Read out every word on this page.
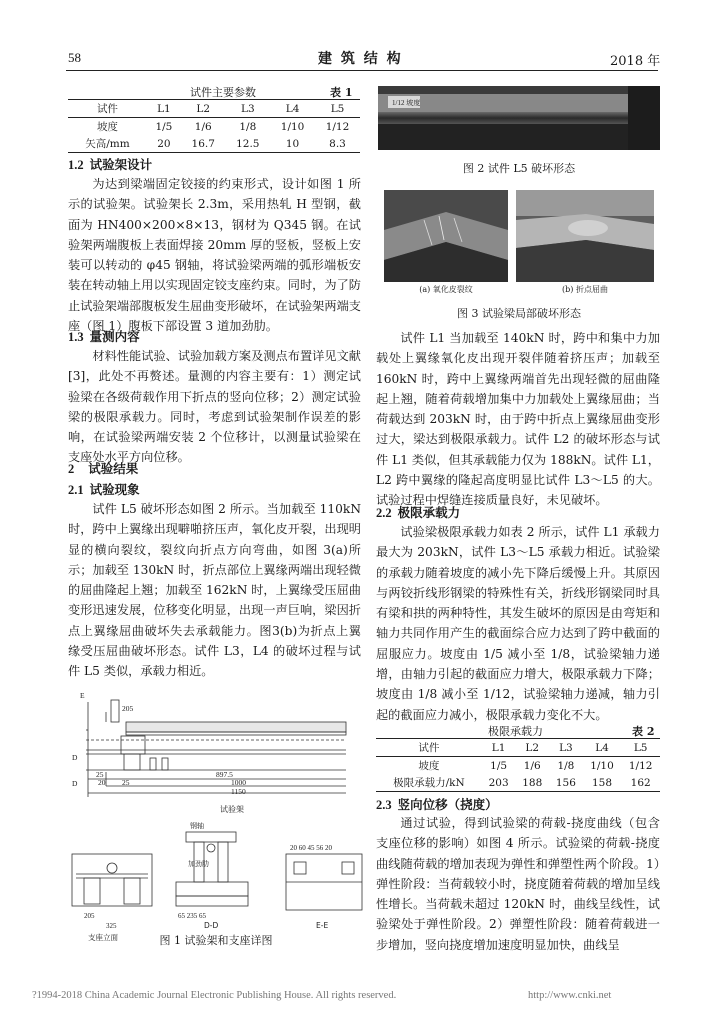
58	建 筑 结 构	2018 年
试件主要参数	表 1
试件	L1	L2	L3	L4	L5
坡度	1/5	1/6	1/8	1/10	1/12
矢高/mm	20	16.7	12.5	10	8.3
1.2 试验架设计

为达到梁端固定铰接的约束形式，设计如图 1 所示的试验架。试验架长 2.3m，采用热轧 H 型钢，截面为 HN400×200×8×13，钢材为 Q345 钢。在试验架两端腹板上表面焊接 20mm 厚的竖板，竖板上安装可以转动的 φ45 钢轴，将试验梁两端的弧形端板安装在转动轴上用以实现固定铰支座约束。同时，为了防止试验架端部腹板发生屈曲变形破坏，在试验架两端支座（图 1）腹板下部设置 3 道加劲肋。

1.3 量测内容

材料性能试验、试验加载方案及测点布置详见文献[3]，此处不再赘述。量测的内容主要有：1）测定试验梁在各级荷载作用下折点的竖向位移；2）测定试验梁的极限承载力。同时，考虑到试验架制作误差的影响，在试验梁两端安装 2 个位移计，以测量试验梁在支座处水平方向位移。

2 试验结果
2.1 试验现象

试件 L5 破坏形态如图 2 所示。当加载至 110kN 时，跨中上翼缘出现噼啪挤压声，氧化皮开裂，出现明显的横向裂纹，裂纹向折点方向弯曲，如图 3(a)所示；加载至 130kN 时，折点部位上翼缘两端出现轻微的屈曲隆起上翘；加载至 162kN 时，上翼缘受压屈曲变形迅速发展，位移变化明显，出现一声巨响，梁因折点上翼缘屈曲破坏失去承载能力。图3(b)为折点上翼缘受压屈曲破坏形态。试件 L3，L4 的破坏过程与试件 L5 类似，承载力相近。

E
D
D
205
25
20 25
897.5
1000
1150
试验架
205
325
钢轴
加劲肋
65 235 65
20 60 45 56 20
支座立面
D-D	E-E
图 1 试验架和支座详图
1/12 坡度
图 2 试件 L5 破坏形态
(a) 氧化皮裂纹	(b) 折点屈曲
图 3 试验梁局部破坏形态

试件 L1 当加载至 140kN 时，跨中和集中力加载处上翼缘氧化皮出现开裂伴随着挤压声；加载至 160kN 时，跨中上翼缘两端首先出现轻微的屈曲隆起上翘，随着荷载增加集中力加载处上翼缘屈曲；当荷载达到 203kN 时，由于跨中折点上翼缘屈曲变形过大，梁达到极限承载力。试件 L2 的破坏形态与试件 L1 类似，但其承载能力仅为 188kN。试件 L1，L2 跨中翼缘的隆起高度明显比试件 L3～L5 的大。试验过程中焊缝连接质量良好，未见破坏。

2.2 极限承载力

试验梁极限承载力如表 2 所示，试件 L1 承载力最大为 203kN，试件 L3～L5 承载力相近。试验梁的承载力随着坡度的减小先下降后缓慢上升。其原因与两铰折线形钢梁的特殊性有关，折线形钢梁同时具有梁和拱的两种特性，其发生破坏的原因是由弯矩和轴力共同作用产生的截面综合应力达到了跨中截面的屈服应力。坡度由 1/5 减小至 1/8，试验梁轴力递增，由轴力引起的截面应力增大，极限承载力下降；坡度由 1/8 减小至 1/12，试验梁轴力递减，轴力引起的截面应力减小，极限承载力变化不大。

极限承载力	表 2
试件	L1	L2	L3	L4	L5
坡度	1/5	1/6	1/8	1/10	1/12
极限承载力/kN	203	188	156	158	162
2.3 竖向位移（挠度）

通过试验，得到试验梁的荷载-挠度曲线（包含支座位移的影响）如图 4 所示。试验梁的荷载-挠度曲线随荷载的增加表现为弹性和弹塑性两个阶段。1）弹性阶段：当荷载较小时，挠度随着荷载的增加呈线性增长。当荷载未超过 120kN 时，曲线呈线性，试验梁处于弹性阶段。2）弹塑性阶段：随着荷载进一步增加，竖向挠度增加速度明显加快，曲线呈

?1994-2018 China Academic Journal Electronic Publishing House. All rights reserved.	http://www.cnki.net
